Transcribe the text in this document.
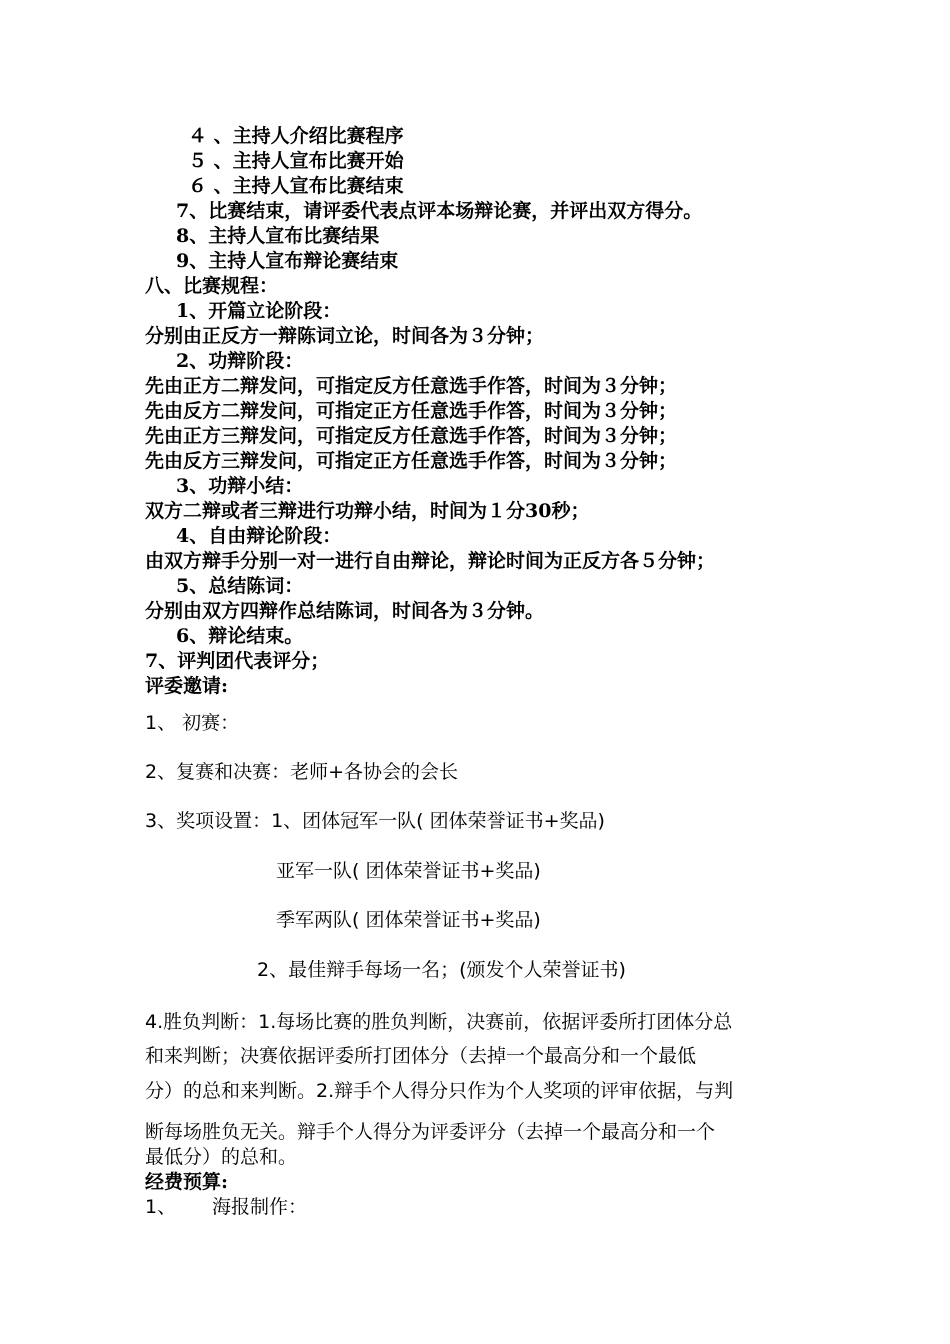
４ 、主持人介绍比赛程序
５ 、主持人宣布比赛开始
６ 、主持人宣布比赛结束
7、比赛结束，请评委代表点评本场辩论赛，并评出双方得分。
8、主持人宣布比赛结果
9、主持人宣布辩论赛结束
八、比赛规程：
1、开篇立论阶段：
分别由正反方一辩陈词立论，时间各为３分钟；
2、功辩阶段：
先由正方二辩发问，可指定反方任意选手作答，时间为３分钟；
先由反方二辩发问，可指定正方任意选手作答，时间为３分钟；
先由正方三辩发问，可指定反方任意选手作答，时间为３分钟；
先由反方三辩发问，可指定正方任意选手作答，时间为３分钟；
3、功辩小结：
双方二辩或者三辩进行功辩小结，时间为１分30秒；
4、自由辩论阶段：
由双方辩手分别一对一进行自由辩论，辩论时间为正反方各５分钟；
5、总结陈词：
分别由双方四辩作总结陈词，时间各为３分钟。
6、辩论结束。
7、评判团代表评分；
评委邀请:
1、 初赛：
2、复赛和决赛：老师+各协会的会长
3、奖项设置：1、团体冠军一队( 团体荣誉证书+奖品)
亚军一队( 团体荣誉证书+奖品)
季军两队( 团体荣誉证书+奖品)
2、最佳辩手每场一名；(颁发个人荣誉证书)
4.胜负判断：1.每场比赛的胜负判断，决赛前，依据评委所打团体分总
和来判断；决赛依据评委所打团体分（去掉一个最高分和一个最低
分）的总和来判断。2.辩手个人得分只作为个人奖项的评审依据，与判
断每场胜负无关。辩手个人得分为评委评分（去掉一个最高分和一个
最低分）的总和。
经费预算:
1、 海报制作：
